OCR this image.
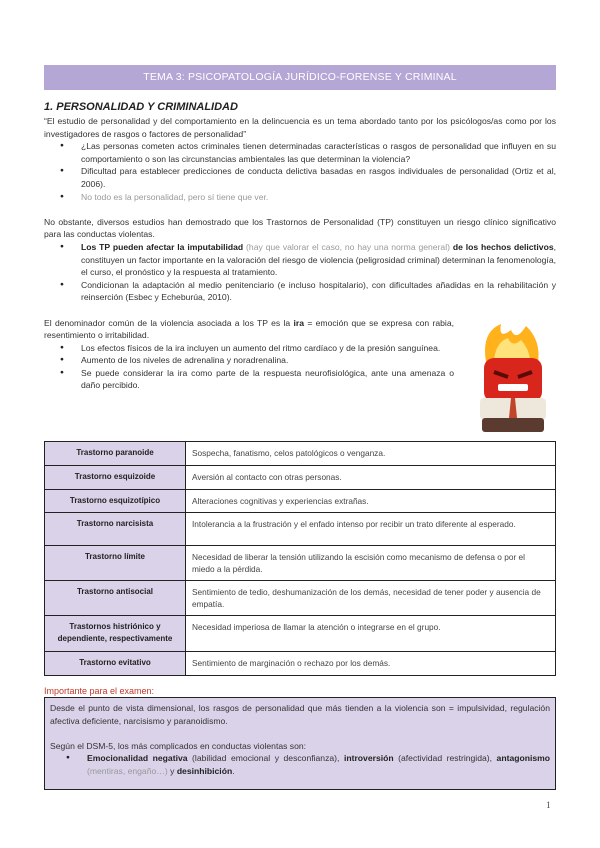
TEMA 3: PSICOPATOLOGÍA JURÍDICO-FORENSE Y CRIMINAL
1. PERSONALIDAD Y CRIMINALIDAD

“El estudio de personalidad y del comportamiento en la delincuencia es un tema abordado tanto por los psicólogos/as como por los investigadores de rasgos o factores de personalidad”

● ¿Las personas cometen actos criminales tienen determinadas características o rasgos de personalidad que influyen en su comportamiento o son las circunstancias ambientales las que determinan la violencia?
● Dificultad para establecer predicciones de conducta delictiva basadas en rasgos individuales de personalidad (Ortiz et al, 2006).
● No todo es la personalidad, pero sí tiene que ver.

No obstante, diversos estudios han demostrado que los Trastornos de Personalidad (TP) constituyen un riesgo clínico significativo para las conductas violentas.

● Los TP pueden afectar la imputabilidad (hay que valorar el caso, no hay una norma general) de los hechos delictivos, constituyen un factor importante en la valoración del riesgo de violencia (peligrosidad criminal) determinan la fenomenología, el curso, el pronóstico y la respuesta al tratamiento.
● Condicionan la adaptación al medio penitenciario (e incluso hospitalario), con dificultades añadidas en la rehabilitación y reinserción (Esbec y Echeburúa, 2010).

El denominador común de la violencia asociada a los TP es la ira = emoción que se expresa con rabia, resentimiento o irritabilidad.

● Los efectos físicos de la ira incluyen un aumento del ritmo cardíaco y de la presión sanguínea.
● Aumento de los niveles de adrenalina y noradrenalina.
● Se puede considerar la ira como parte de la respuesta neurofisiológica, ante una amenaza o daño percibido.
Trastorno paranoide	Sospecha, fanatismo, celos patológicos o venganza.
Trastorno esquizoide	Aversión al contacto con otras personas.
Trastorno esquizotípico	Alteraciones cognitivas y experiencias extrañas.
Trastorno narcisista	Intolerancia a la frustración y el enfado intenso por recibir un trato diferente al esperado.
Trastorno límite	Necesidad de liberar la tensión utilizando la escisión como mecanismo de defensa o por el miedo a la pérdida.
Trastorno antisocial	Sentimiento de tedio, deshumanización de los demás, necesidad de tener poder y ausencia de empatía.
Trastornos histriónico y dependiente, respectivamente	Necesidad imperiosa de llamar la atención o integrarse en el grupo.
Trastorno evitativo	Sentimiento de marginación o rechazo por los demás.
Importante para el examen:

Desde el punto de vista dimensional, los rasgos de personalidad que más tienden a la violencia son = impulsividad, regulación afectiva deficiente, narcisismo y paranoidismo.

Según el DSM-5, los más complicados en conductas violentas son:

● Emocionalidad negativa (labilidad emocional y desconfianza), introversión (afectividad restringida), antagonismo (mentiras, engaño…) y desinhibición.
1
